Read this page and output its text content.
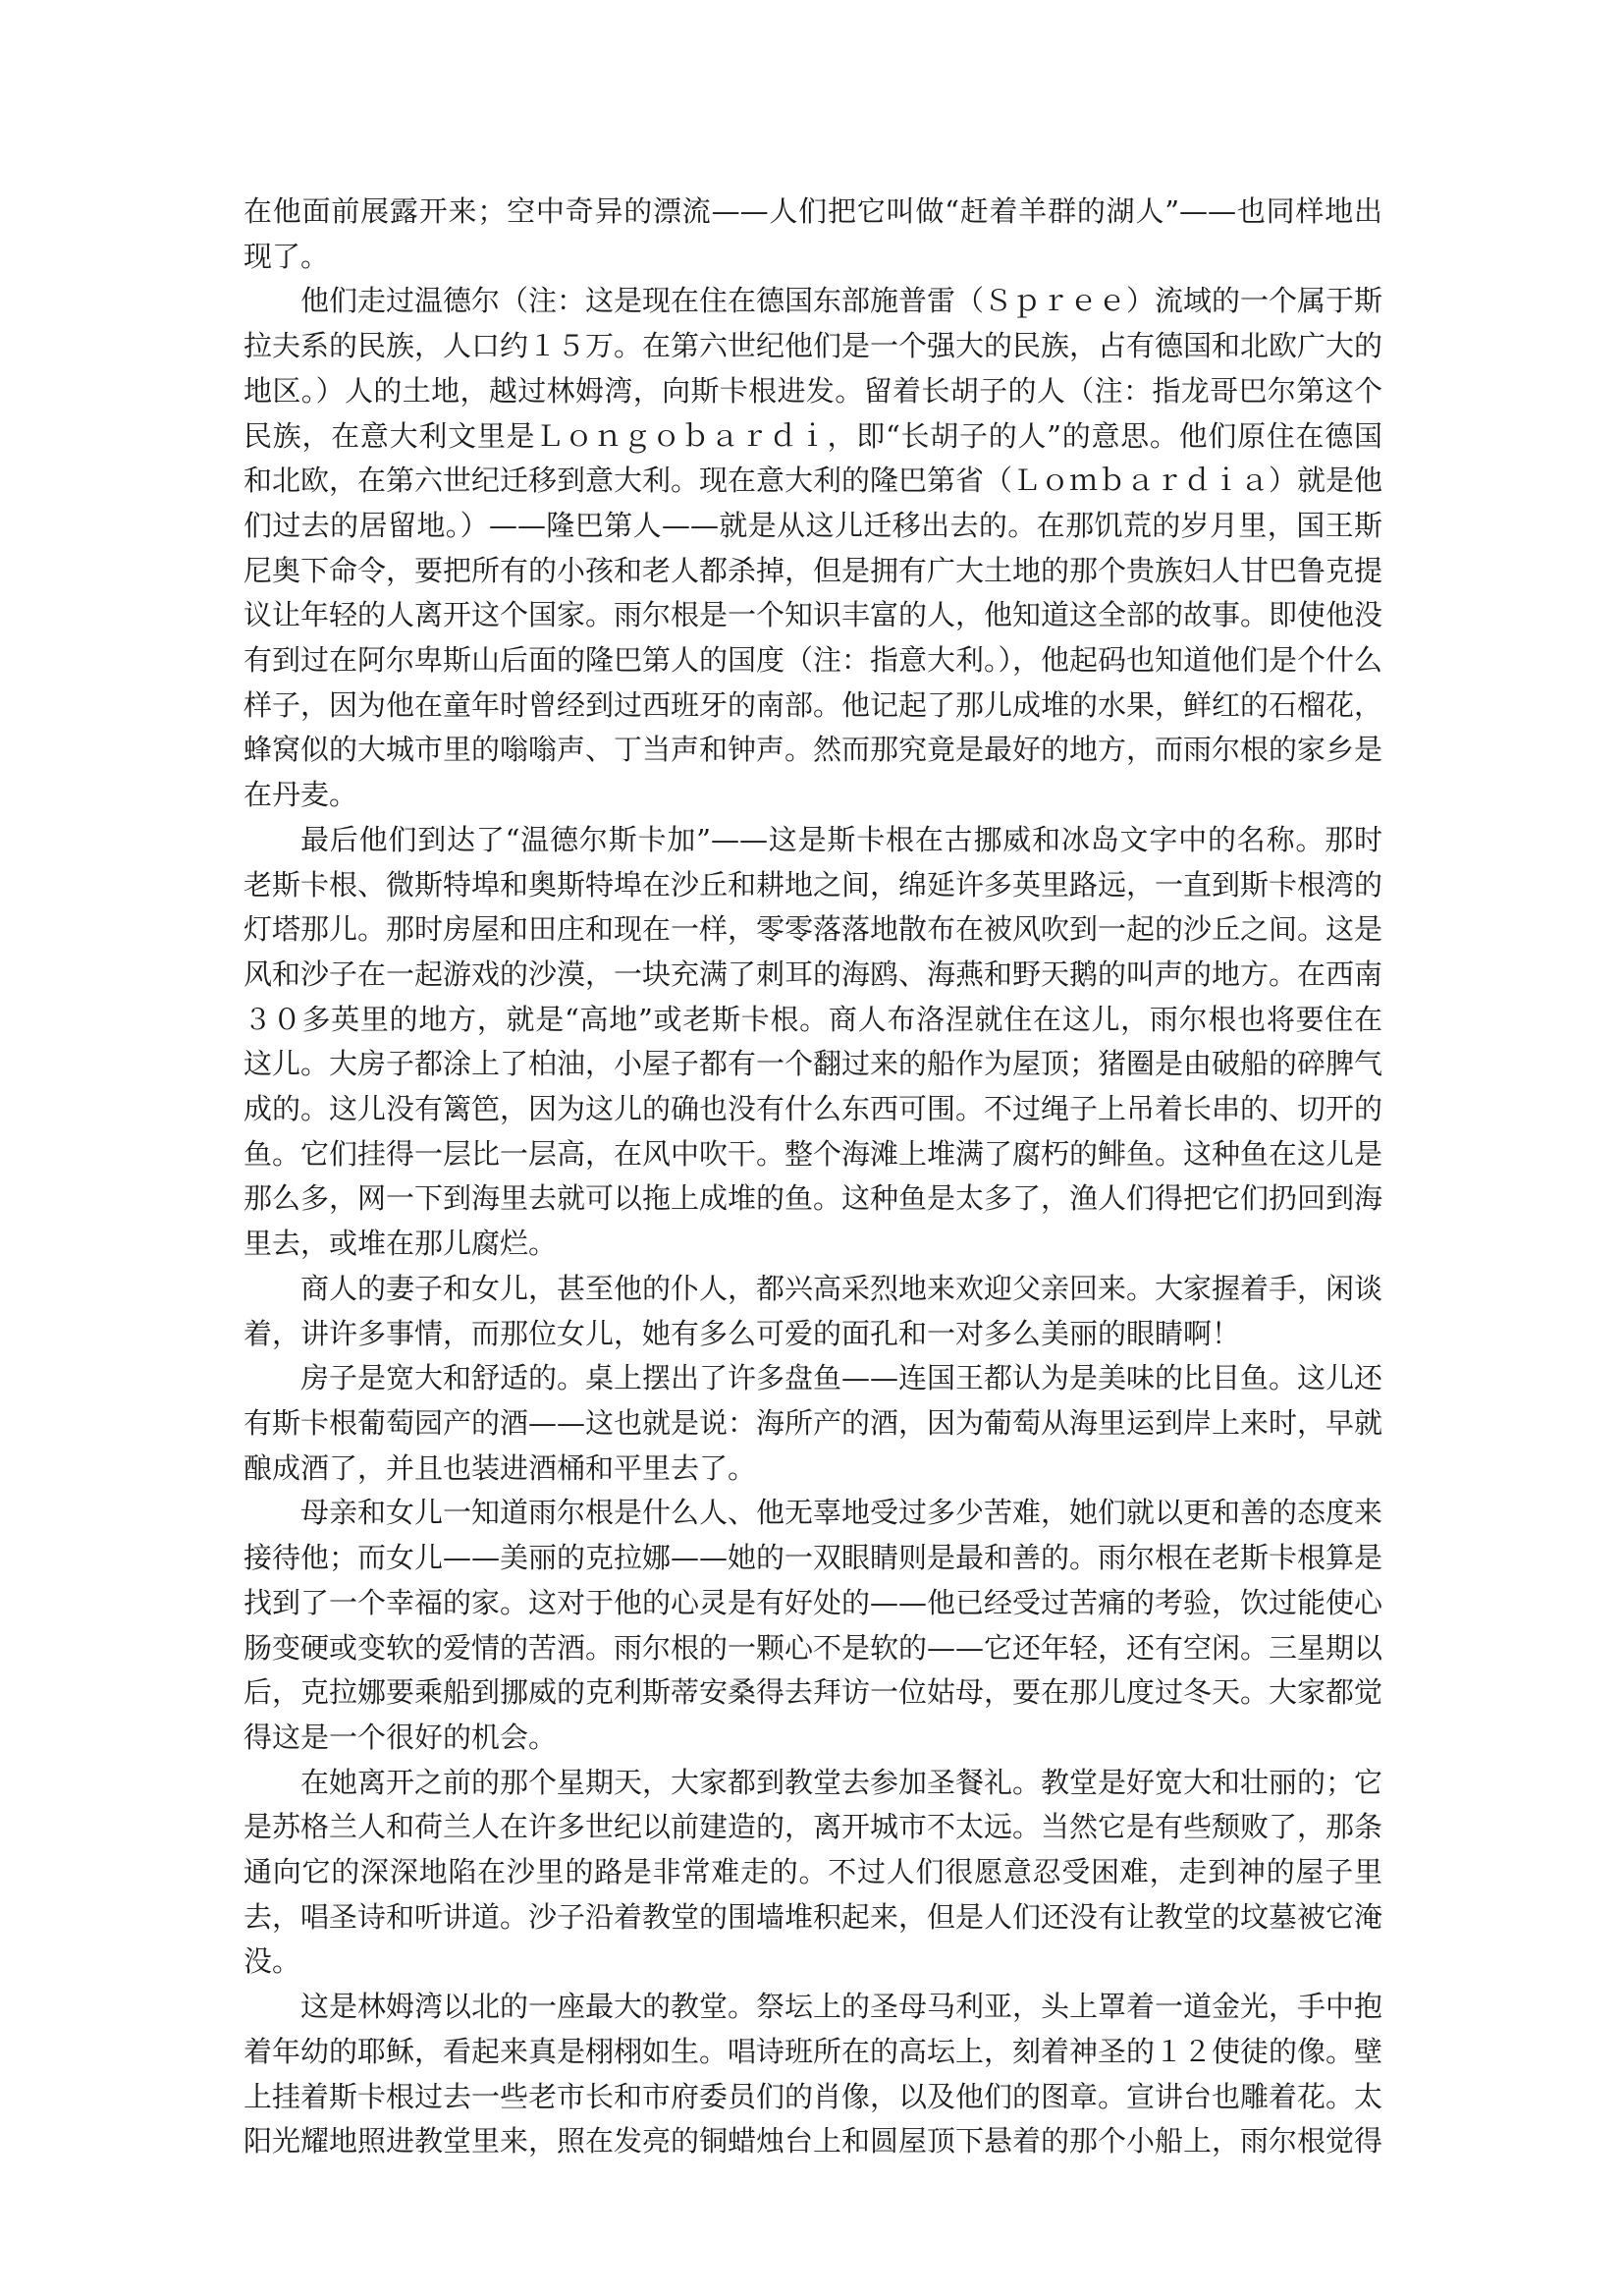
在他面前展露开来；空中奇异的漂流——人们把它叫做“赶着羊群的湖人”——也同样地出现了。

他们走过温德尔（注：这是现在住在德国东部施普雷（Ｓｐｒｅｅ）流域的一个属于斯拉夫系的民族，人口约１５万。在第六世纪他们是一个强大的民族，占有德国和北欧广大的地区。）人的土地，越过林姆湾，向斯卡根进发。留着长胡子的人（注：指龙哥巴尔第这个民族，在意大利文里是Ｌｏｎｇｏｂａｒｄｉ，即“长胡子的人”的意思。他们原住在德国和北欧，在第六世纪迁移到意大利。现在意大利的隆巴第省（Ｌｏｍｂａｒｄｉａ）就是他们过去的居留地。）——隆巴第人——就是从这儿迁移出去的。在那饥荒的岁月里，国王斯尼奥下命令，要把所有的小孩和老人都杀掉，但是拥有广大土地的那个贵族妇人甘巴鲁克提议让年轻的人离开这个国家。雨尔根是一个知识丰富的人，他知道这全部的故事。即使他没有到过在阿尔卑斯山后面的隆巴第人的国度（注：指意大利。），他起码也知道他们是个什么样子，因为他在童年时曾经到过西班牙的南部。他记起了那儿成堆的水果，鲜红的石榴花，蜂窝似的大城市里的嗡嗡声、丁当声和钟声。然而那究竟是最好的地方，而雨尔根的家乡是在丹麦。

最后他们到达了“温德尔斯卡加”——这是斯卡根在古挪威和冰岛文字中的名称。那时老斯卡根、微斯特埠和奥斯特埠在沙丘和耕地之间，绵延许多英里路远，一直到斯卡根湾的灯塔那儿。那时房屋和田庄和现在一样，零零落落地散布在被风吹到一起的沙丘之间。这是风和沙子在一起游戏的沙漠，一块充满了刺耳的海鸥、海燕和野天鹅的叫声的地方。在西南３０多英里的地方，就是“高地”或老斯卡根。商人布洛涅就住在这儿，雨尔根也将要住在这儿。大房子都涂上了柏油，小屋子都有一个翻过来的船作为屋顶；猪圈是由破船的碎脾气成的。这儿没有篱笆，因为这儿的确也没有什么东西可围。不过绳子上吊着长串的、切开的鱼。它们挂得一层比一层高，在风中吹干。整个海滩上堆满了腐朽的鲱鱼。这种鱼在这儿是那么多，网一下到海里去就可以拖上成堆的鱼。这种鱼是太多了，渔人们得把它们扔回到海里去，或堆在那儿腐烂。

商人的妻子和女儿，甚至他的仆人，都兴高采烈地来欢迎父亲回来。大家握着手，闲谈着，讲许多事情，而那位女儿，她有多么可爱的面孔和一对多么美丽的眼睛啊！

房子是宽大和舒适的。桌上摆出了许多盘鱼——连国王都认为是美味的比目鱼。这儿还有斯卡根葡萄园产的酒——这也就是说：海所产的酒，因为葡萄从海里运到岸上来时，早就酿成酒了，并且也装进酒桶和平里去了。

母亲和女儿一知道雨尔根是什么人、他无辜地受过多少苦难，她们就以更和善的态度来接待他；而女儿——美丽的克拉娜——她的一双眼睛则是最和善的。雨尔根在老斯卡根算是找到了一个幸福的家。这对于他的心灵是有好处的——他已经受过苦痛的考验，饮过能使心肠变硬或变软的爱情的苦酒。雨尔根的一颗心不是软的——它还年轻，还有空闲。三星期以后，克拉娜要乘船到挪威的克利斯蒂安桑得去拜访一位姑母，要在那儿度过冬天。大家都觉得这是一个很好的机会。

在她离开之前的那个星期天，大家都到教堂去参加圣餐礼。教堂是好宽大和壮丽的；它是苏格兰人和荷兰人在许多世纪以前建造的，离开城市不太远。当然它是有些颓败了，那条通向它的深深地陷在沙里的路是非常难走的。不过人们很愿意忍受困难，走到神的屋子里去，唱圣诗和听讲道。沙子沿着教堂的围墙堆积起来，但是人们还没有让教堂的坟墓被它淹没。

这是林姆湾以北的一座最大的教堂。祭坛上的圣母马利亚，头上罩着一道金光，手中抱着年幼的耶稣，看起来真是栩栩如生。唱诗班所在的高坛上，刻着神圣的１２使徒的像。壁上挂着斯卡根过去一些老市长和市府委员们的肖像，以及他们的图章。宣讲台也雕着花。太阳光耀地照进教堂里来，照在发亮的铜蜡烛台上和圆屋顶下悬着的那个小船上，雨尔根觉得
